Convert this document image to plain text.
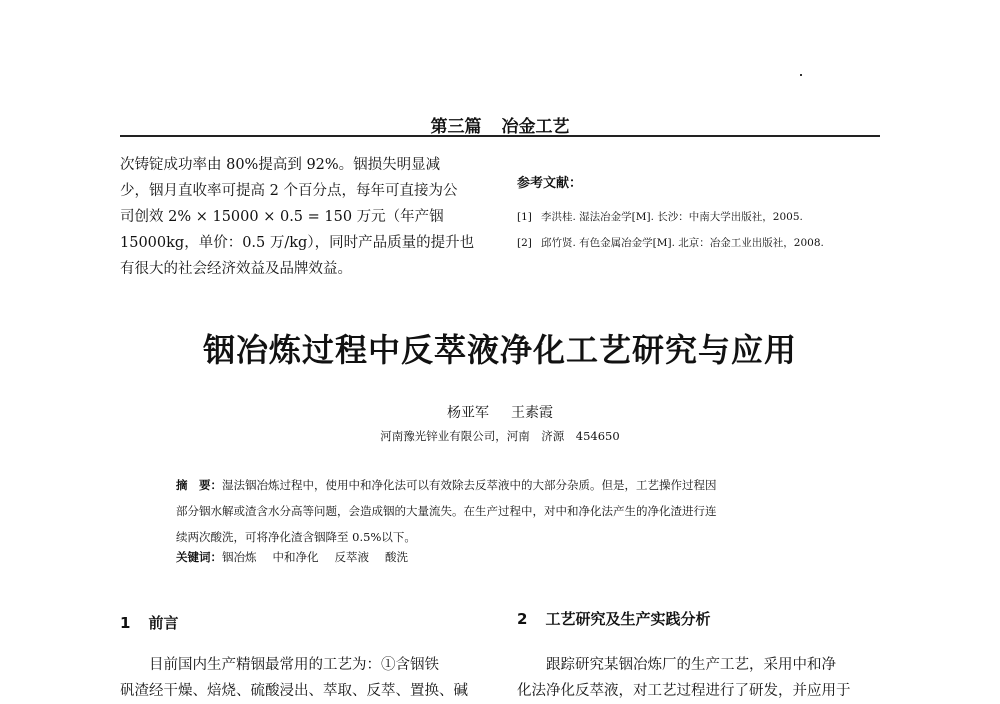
第三篇 冶金工艺
次铸锭成功率由 80%提高到 92%。铟损失明显减
少，铟月直收率可提高 2 个百分点，每年可直接为公
司创效 2% × 15000 × 0.5 = 150 万元（年产铟
15000kg，单价：0.5 万/kg），同时产品质量的提升也
有很大的社会经济效益及品牌效益。
参考文献：
[1] 李洪桂. 湿法冶金学[M]. 长沙：中南大学出版社，2005.
[2] 邱竹贤. 有色金属冶金学[M]. 北京：冶金工业出版社，2008.
铟冶炼过程中反萃液净化工艺研究与应用
杨亚军 王素霞
河南豫光锌业有限公司，河南　济源　454650
摘　要：湿法铟冶炼过程中，使用中和净化法可以有效除去反萃液中的大部分杂质。但是，工艺操作过程因
部分铟水解或渣含水分高等问题，会造成铟的大量流失。在生产过程中，对中和净化法产生的净化渣进行连
续两次酸洗，可将净化渣含铟降至 0.5%以下。
关键词：铟冶炼 中和净化 反萃液 酸洗
1 前言
目前国内生产精铟最常用的工艺为：①含铟铁
矾渣经干燥、焙烧、硫酸浸出、萃取、反萃、置换、碱
2 工艺研究及生产实践分析
跟踪研究某铟冶炼厂的生产工艺，采用中和净
化法净化反萃液，对工艺过程进行了研发，并应用于
